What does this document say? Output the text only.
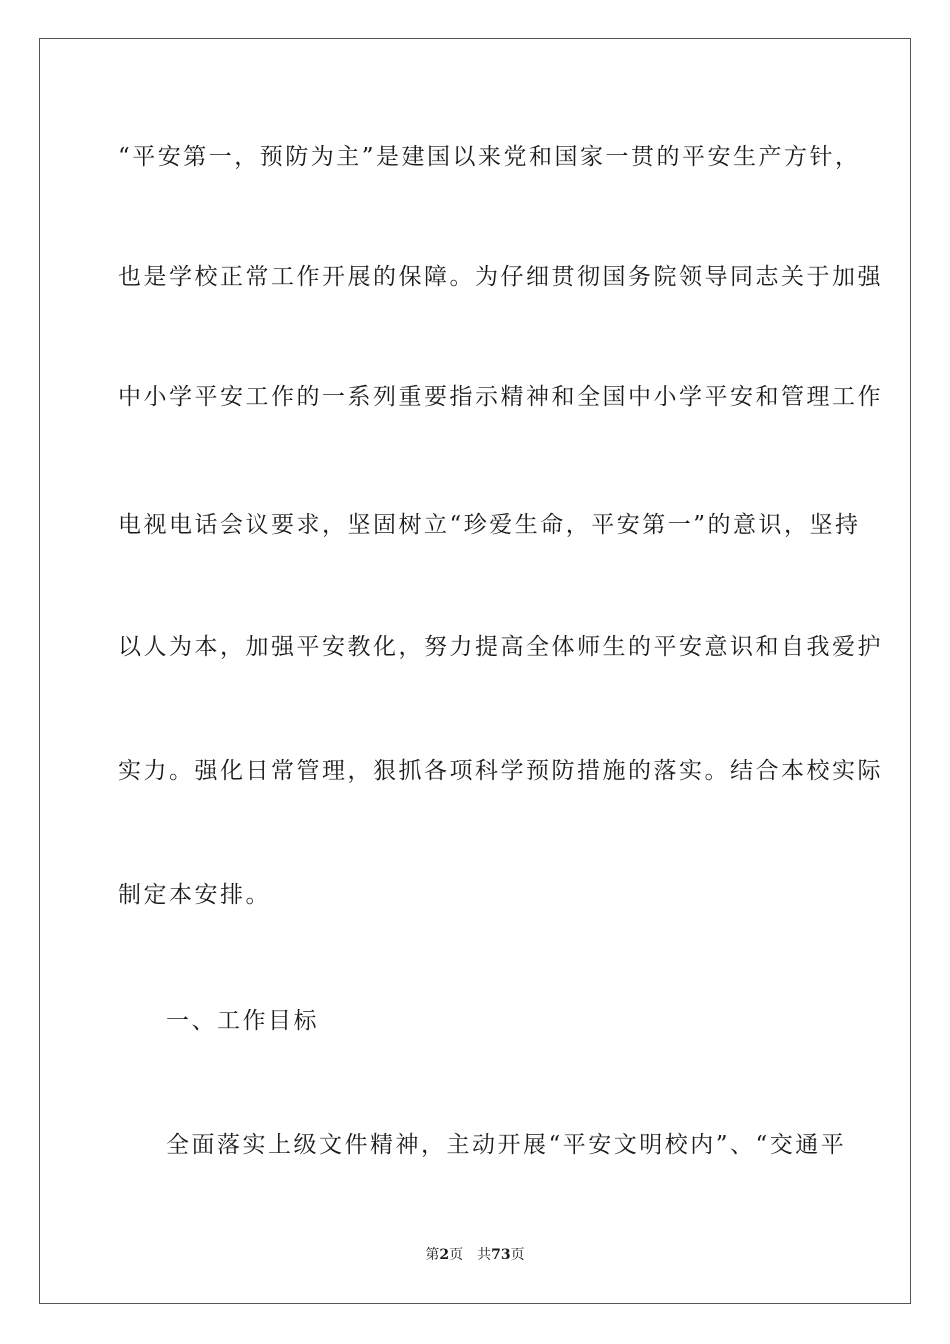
“平安第一，预防为主”是建国以来党和国家一贯的平安生产方针，
也是学校正常工作开展的保障。为仔细贯彻国务院领导同志关于加强
中小学平安工作的一系列重要指示精神和全国中小学平安和管理工作
电视电话会议要求，坚固树立“珍爱生命，平安第一”的意识，坚持
以人为本，加强平安教化，努力提高全体师生的平安意识和自我爱护
实力。强化日常管理，狠抓各项科学预防措施的落实。结合本校实际
制定本安排。
一、工作目标
全面落实上级文件精神，主动开展“平安文明校内”、“交通平
第2页 共73页
